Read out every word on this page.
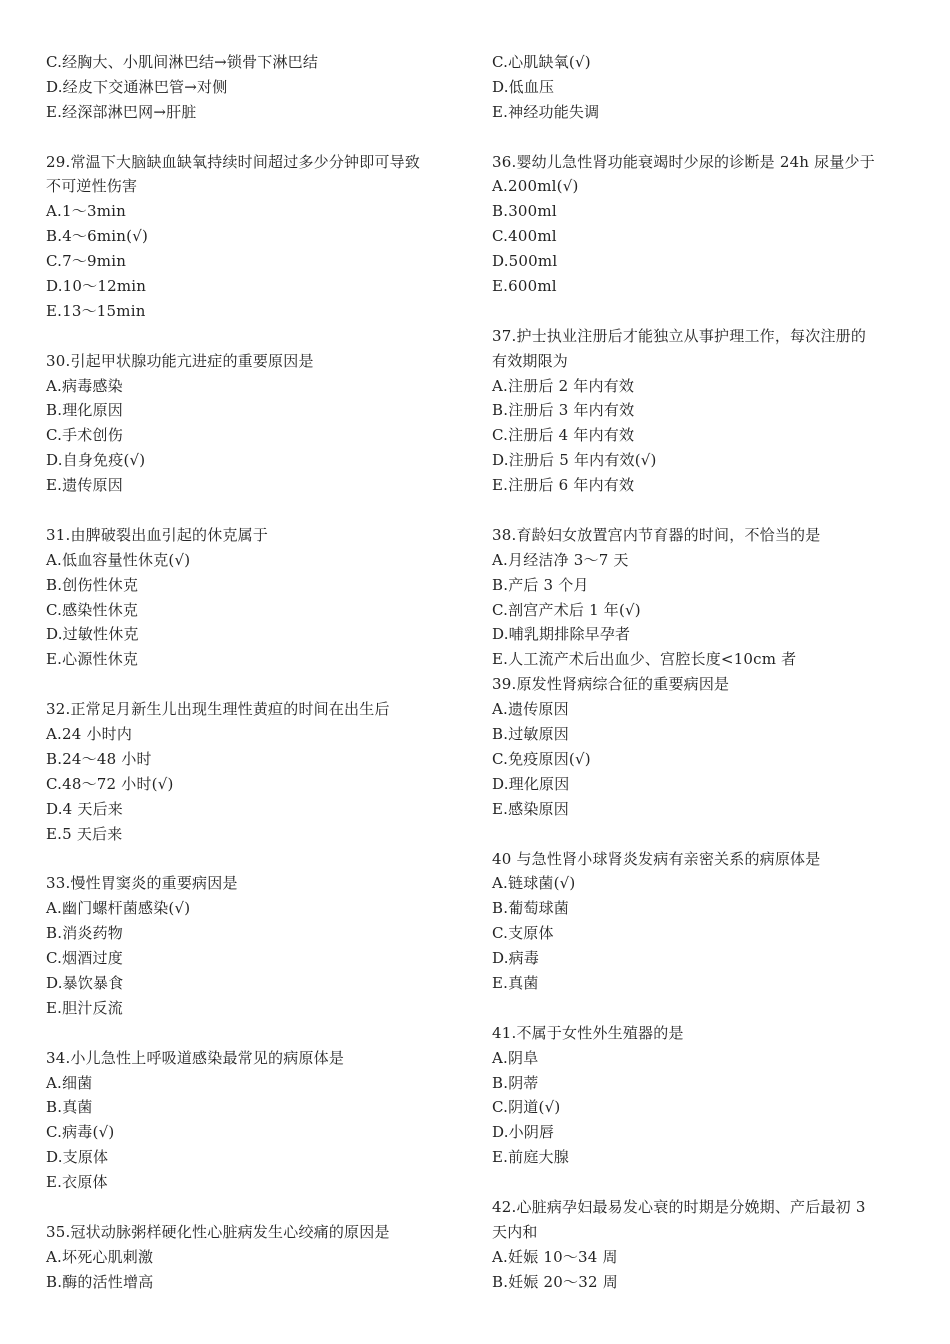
C.经胸大、小肌间淋巴结→锁骨下淋巴结
D.经皮下交通淋巴管→对侧
E.经深部淋巴网→肝脏
29.常温下大脑缺血缺氧持续时间超过多少分钟即可导致
不可逆性伤害
A.1～3min
B.4～6min(√)
C.7～9min
D.10～12min
E.13～15min
30.引起甲状腺功能亢进症的重要原因是
A.病毒感染
B.理化原因
C.手术创伤
D.自身免疫(√)
E.遗传原因
31.由脾破裂出血引起的休克属于
A.低血容量性休克(√)
B.创伤性休克
C.感染性休克
D.过敏性休克
E.心源性休克
32.正常足月新生儿出现生理性黄疸的时间在出生后
A.24 小时内
B.24～48 小时
C.48～72 小时(√)
D.4 天后来
E.5 天后来
33.慢性胃窦炎的重要病因是
A.幽门螺杆菌感染(√)
B.消炎药物
C.烟酒过度
D.暴饮暴食
E.胆汁反流
34.小儿急性上呼吸道感染最常见的病原体是
A.细菌
B.真菌
C.病毒(√)
D.支原体
E.衣原体
35.冠状动脉粥样硬化性心脏病发生心绞痛的原因是
A.坏死心肌刺激
B.酶的活性增高
C.心肌缺氧(√)
D.低血压
E.神经功能失调
36.婴幼儿急性肾功能衰竭时少尿的诊断是 24h 尿量少于
A.200ml(√)
B.300ml
C.400ml
D.500ml
E.600ml
37.护士执业注册后才能独立从事护理工作，每次注册的
有效期限为
A.注册后 2 年内有效
B.注册后 3 年内有效
C.注册后 4 年内有效
D.注册后 5 年内有效(√)
E.注册后 6 年内有效
38.育龄妇女放置宫内节育器的时间，不恰当的是
A.月经洁净 3～7 天
B.产后 3 个月
C.剖宫产术后 1 年(√)
D.哺乳期排除早孕者
E.人工流产术后出血少、宫腔长度<10cm 者
39.原发性肾病综合征的重要病因是
A.遗传原因
B.过敏原因
C.免疫原因(√)
D.理化原因
E.感染原因
40 与急性肾小球肾炎发病有亲密关系的病原体是
A.链球菌(√)
B.葡萄球菌
C.支原体
D.病毒
E.真菌
41.不属于女性外生殖器的是
A.阴阜
B.阴蒂
C.阴道(√)
D.小阴唇
E.前庭大腺
42.心脏病孕妇最易发心衰的时期是分娩期、产后最初 3
天内和
A.妊娠 10～34 周
B.妊娠 20～32 周
